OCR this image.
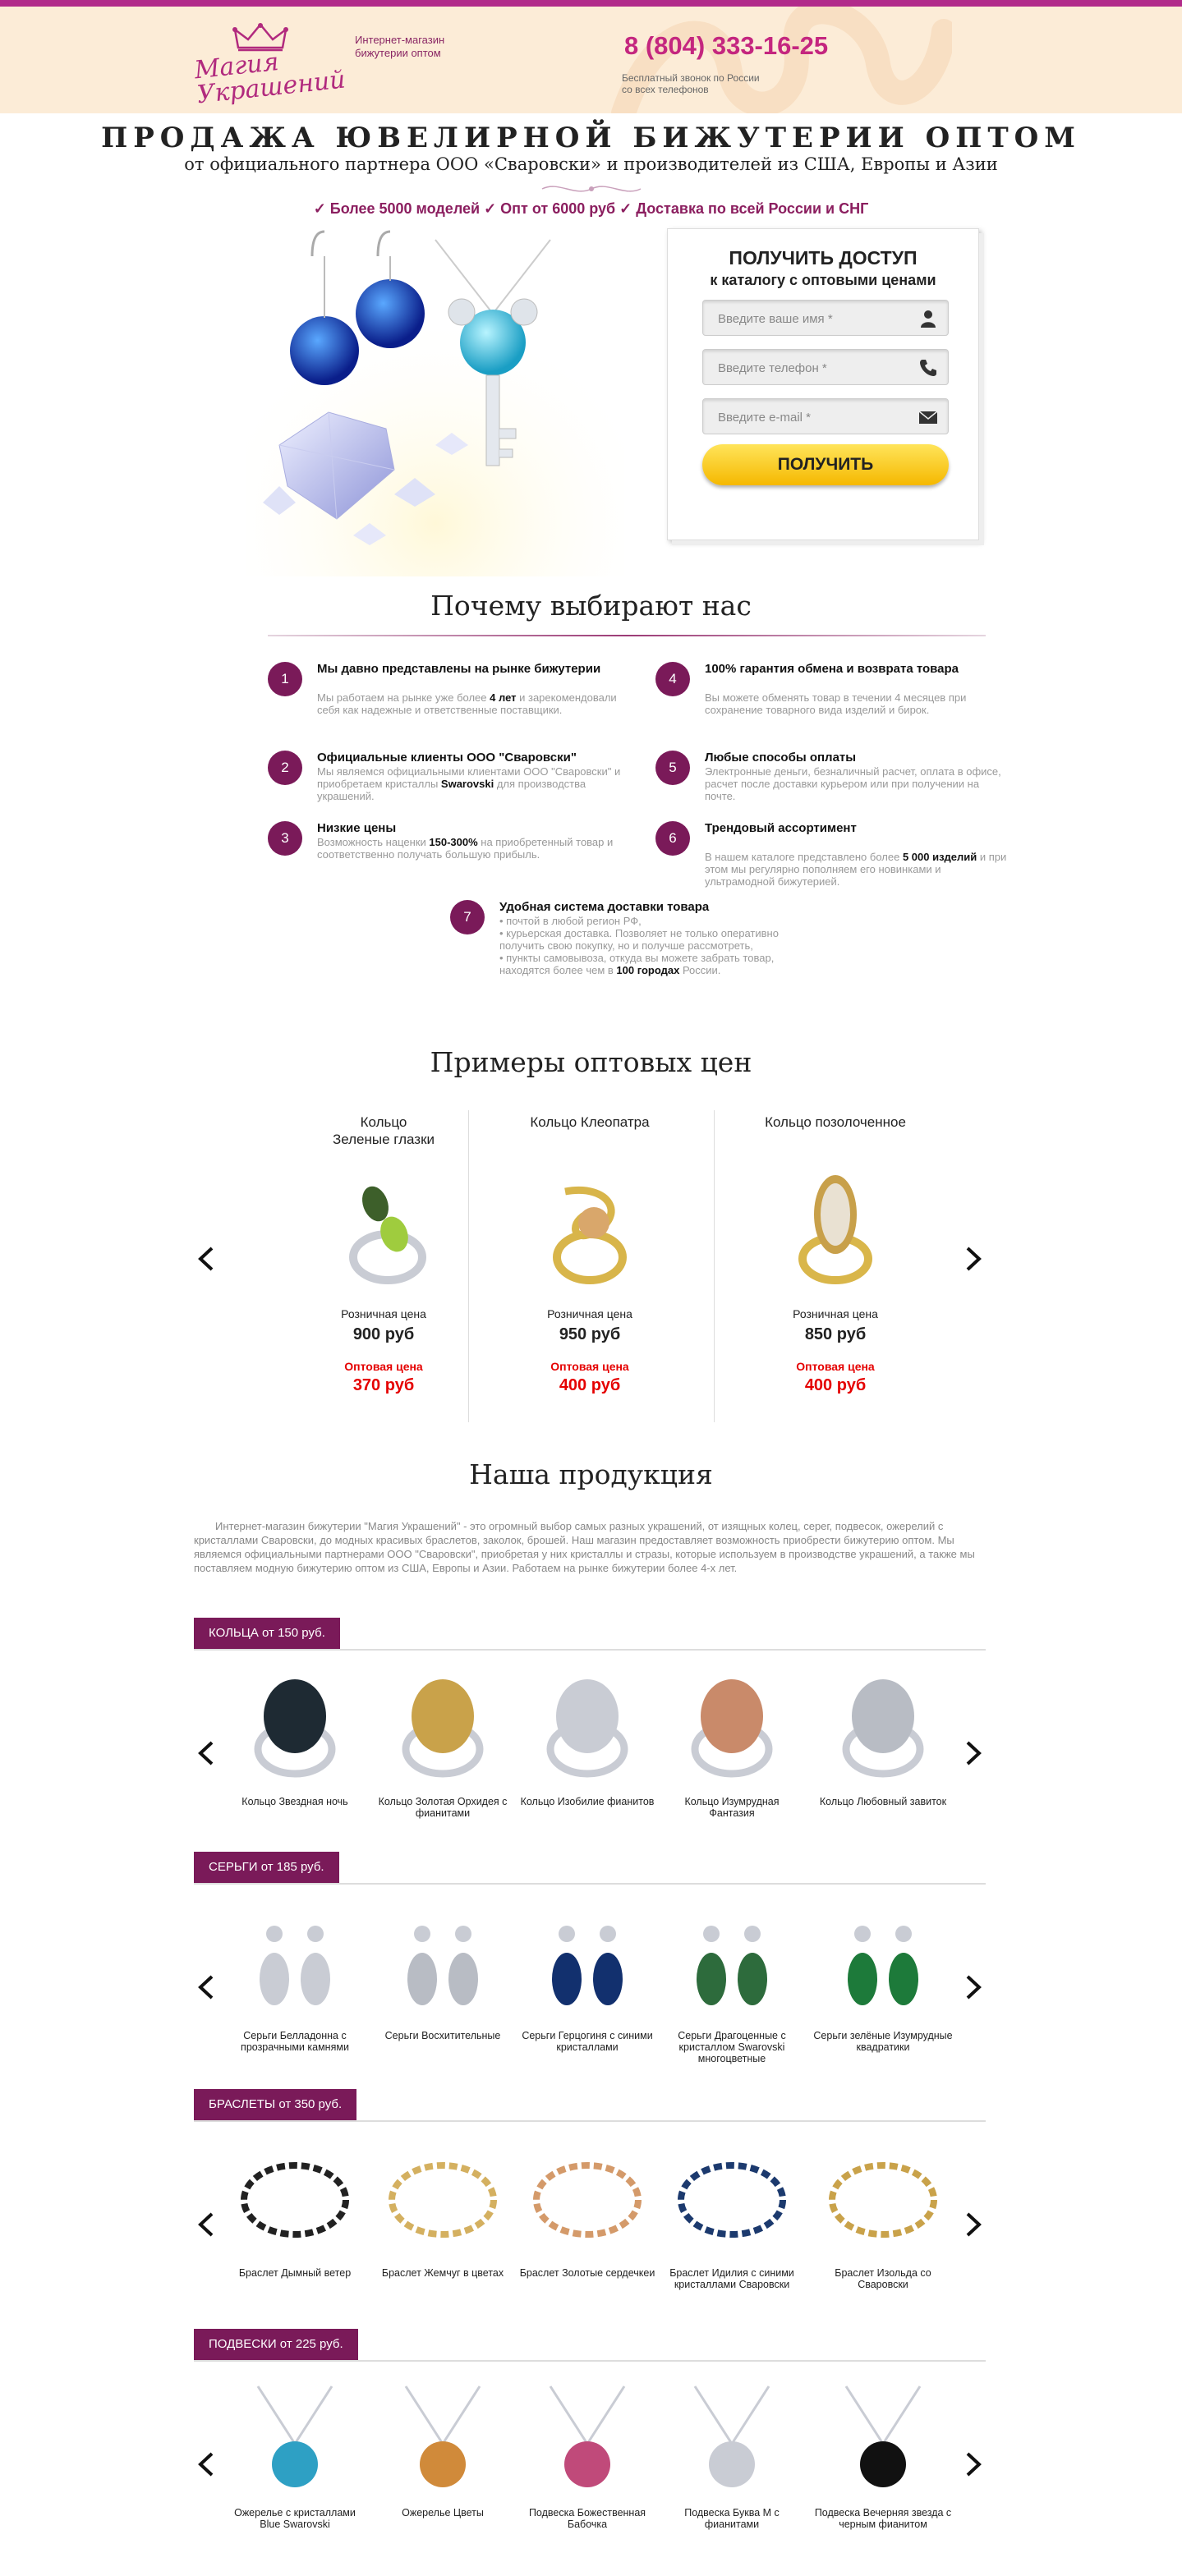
Магия Украшений
Интернет-магазин
бижутерии оптом	8 (804) 333-16-25
Бесплатный звонок по России
со всех телефонов
ПРОДАЖА ЮВЕЛИРНОЙ БИЖУТЕРИИ ОПТОМ
от официального партнера ООО «Сваровски» и производителей из США, Европы и Азии
✓ Более 5000 моделей ✓ Опт от 6000 руб ✓ Доставка по всей России и СНГ
ПОЛУЧИТЬ ДОСТУП
к каталогу с оптовыми ценами
Введите ваше имя *
Введите телефон *
Введите e-mail *
ПОЛУЧИТЬ
Почему выбирают нас
1
Мы давно представлены на рынке бижутерии
Мы работаем на рынке уже более 4 лет и зарекомендовали себя как надежные и ответственные поставщики.
2
Официальные клиенты ООО "Сваровски"
Мы являемся официальными клиентами ООО "Сваровски" и приобретаем кристаллы Swarovski для производства украшений.
3
Низкие цены
Возможность наценки 150-300% на приобретенный товар и соответственно получать большую прибыль.
4
100% гарантия обмена и возврата товара
Вы можете обменять товар в течении 4 месяцев при сохранение товарного вида изделий и бирок.
5
Любые способы оплаты
Электронные деньги, безналичный расчет, оплата в офисе, расчет после доставки курьером или при получении на почте.
6
Трендовый ассортимент
В нашем каталоге представлено более 5 000 изделий и при этом мы регулярно пополняем его новинками и ультрамодной бижутерией.
7
Удобная система доставки товара
• почтой в любой регион РФ,
• курьерская доставка. Позволяет не только оперативно получить свою покупку, но и получше рассмотреть,
• пункты самовывоза, откуда вы можете забрать товар, находятся более чем в 100 городах России.
Примеры оптовых цен
Кольцо
Зеленые глазки
Розничная цена
900 руб
Оптовая цена
370 руб
Кольцо Клеопатра
Розничная цена
950 руб
Оптовая цена
400 руб
Кольцо позолоченное
Розничная цена
850 руб
Оптовая цена
400 руб
Наша продукция
Интернет-магазин бижутерии "Магия Украшений" - это огромный выбор самых разных украшений, от изящных колец, серег, подвесок, ожерелий с кристаллами Сваровски, до модных красивых браслетов, заколок, брошей. Наш магазин предоставляет возможность приобрести бижутерию оптом. Мы являемся официальными партнерами ООО "Сваровски", приобретая у них кристаллы и стразы, которые используем в производстве украшений, а также мы поставляем модную бижутерию оптом из США, Европы и Азии. Работаем на рынке бижутерии более 4-х лет.
КОЛЬЦА от 150 руб.
Кольцо Звездная ночь	Кольцо Золотая Орхидея с фианитами
Кольцо Изобилие фианитов	Кольцо Изумрудная Фантазия
Кольцо Любовный завиток
СЕРЬГИ от 185 руб.
Серьги Белладонна с прозрачными камнями
Серьги Восхитительные	Серьги Герцогиня с синими кристаллами
Серьги Драгоценные с кристаллом Swarovski многоцветные
Серьги зелёные Изумрудные квадратики
БРАСЛЕТЫ от 350 руб.
Браслет Дымный ветер	Браслет Жемчуг в цветах	Браслет Золотые сердечкеи	Браслет Идилия с синими кристаллами Сваровски
Браслет Изольда со Сваровски
ПОДВЕСКИ от 225 руб.
Ожерелье с кристаллами Blue Swarovski
Ожерелье Цветы	Подвеска Божественная Бабочка
Подвеска Буква М с фианитами
Подвеска Вечерняя звезда с черным фианитом
